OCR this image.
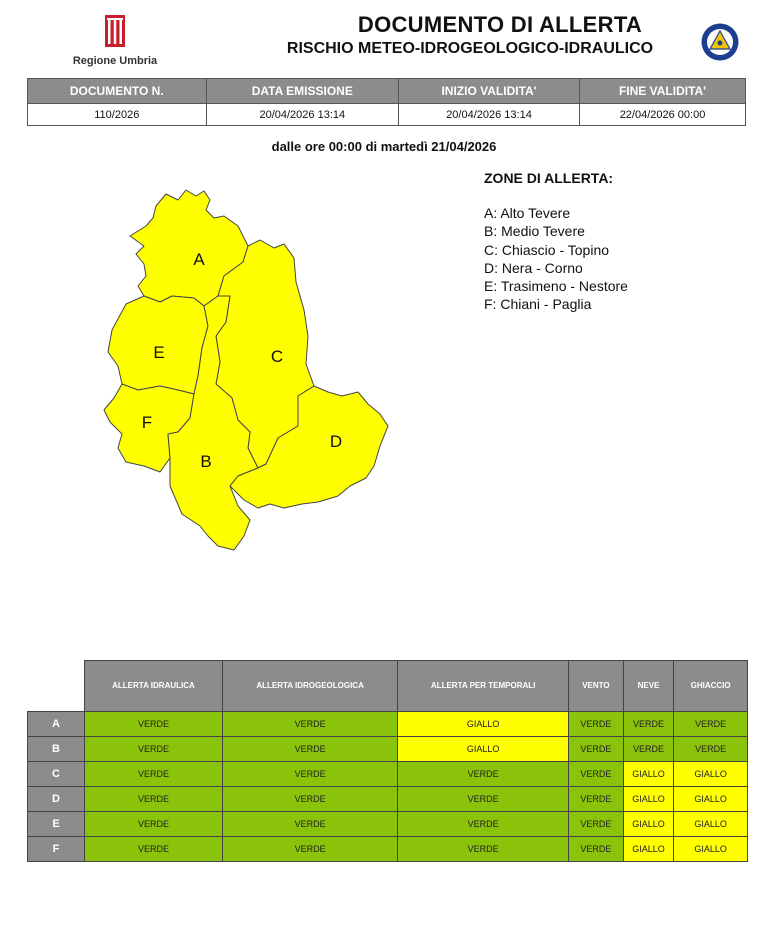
Regione Umbria
DOCUMENTO DI ALLERTA
RISCHIO METEO-IDROGEOLOGICO-IDRAULICO
DOCUMENTO N.	DATA EMISSIONE	INIZIO VALIDITA'	FINE VALIDITA'
110/2026	20/04/2026 13:14	20/04/2026 13:14	22/04/2026 00:00
dalle ore 00:00 di martedì 21/04/2026
A
B
C
D
E
F
ZONE DI ALLERTA:
A: Alto Tevere
B: Medio Tevere
C: Chiascio - Topino
D: Nera - Corno
E: Trasimeno - Nestore
F: Chiani - Paglia
	ALLERTA IDRAULICA	ALLERTA IDROGEOLOGICA	ALLERTA PER TEMPORALI	VENTO	NEVE	GHIACCIO
A	VERDE	VERDE	GIALLO	VERDE	VERDE	VERDE
B	VERDE	VERDE	GIALLO	VERDE	VERDE	VERDE
C	VERDE	VERDE	VERDE	VERDE	GIALLO	GIALLO
D	VERDE	VERDE	VERDE	VERDE	GIALLO	GIALLO
E	VERDE	VERDE	VERDE	VERDE	GIALLO	GIALLO
F	VERDE	VERDE	VERDE	VERDE	GIALLO	GIALLO
